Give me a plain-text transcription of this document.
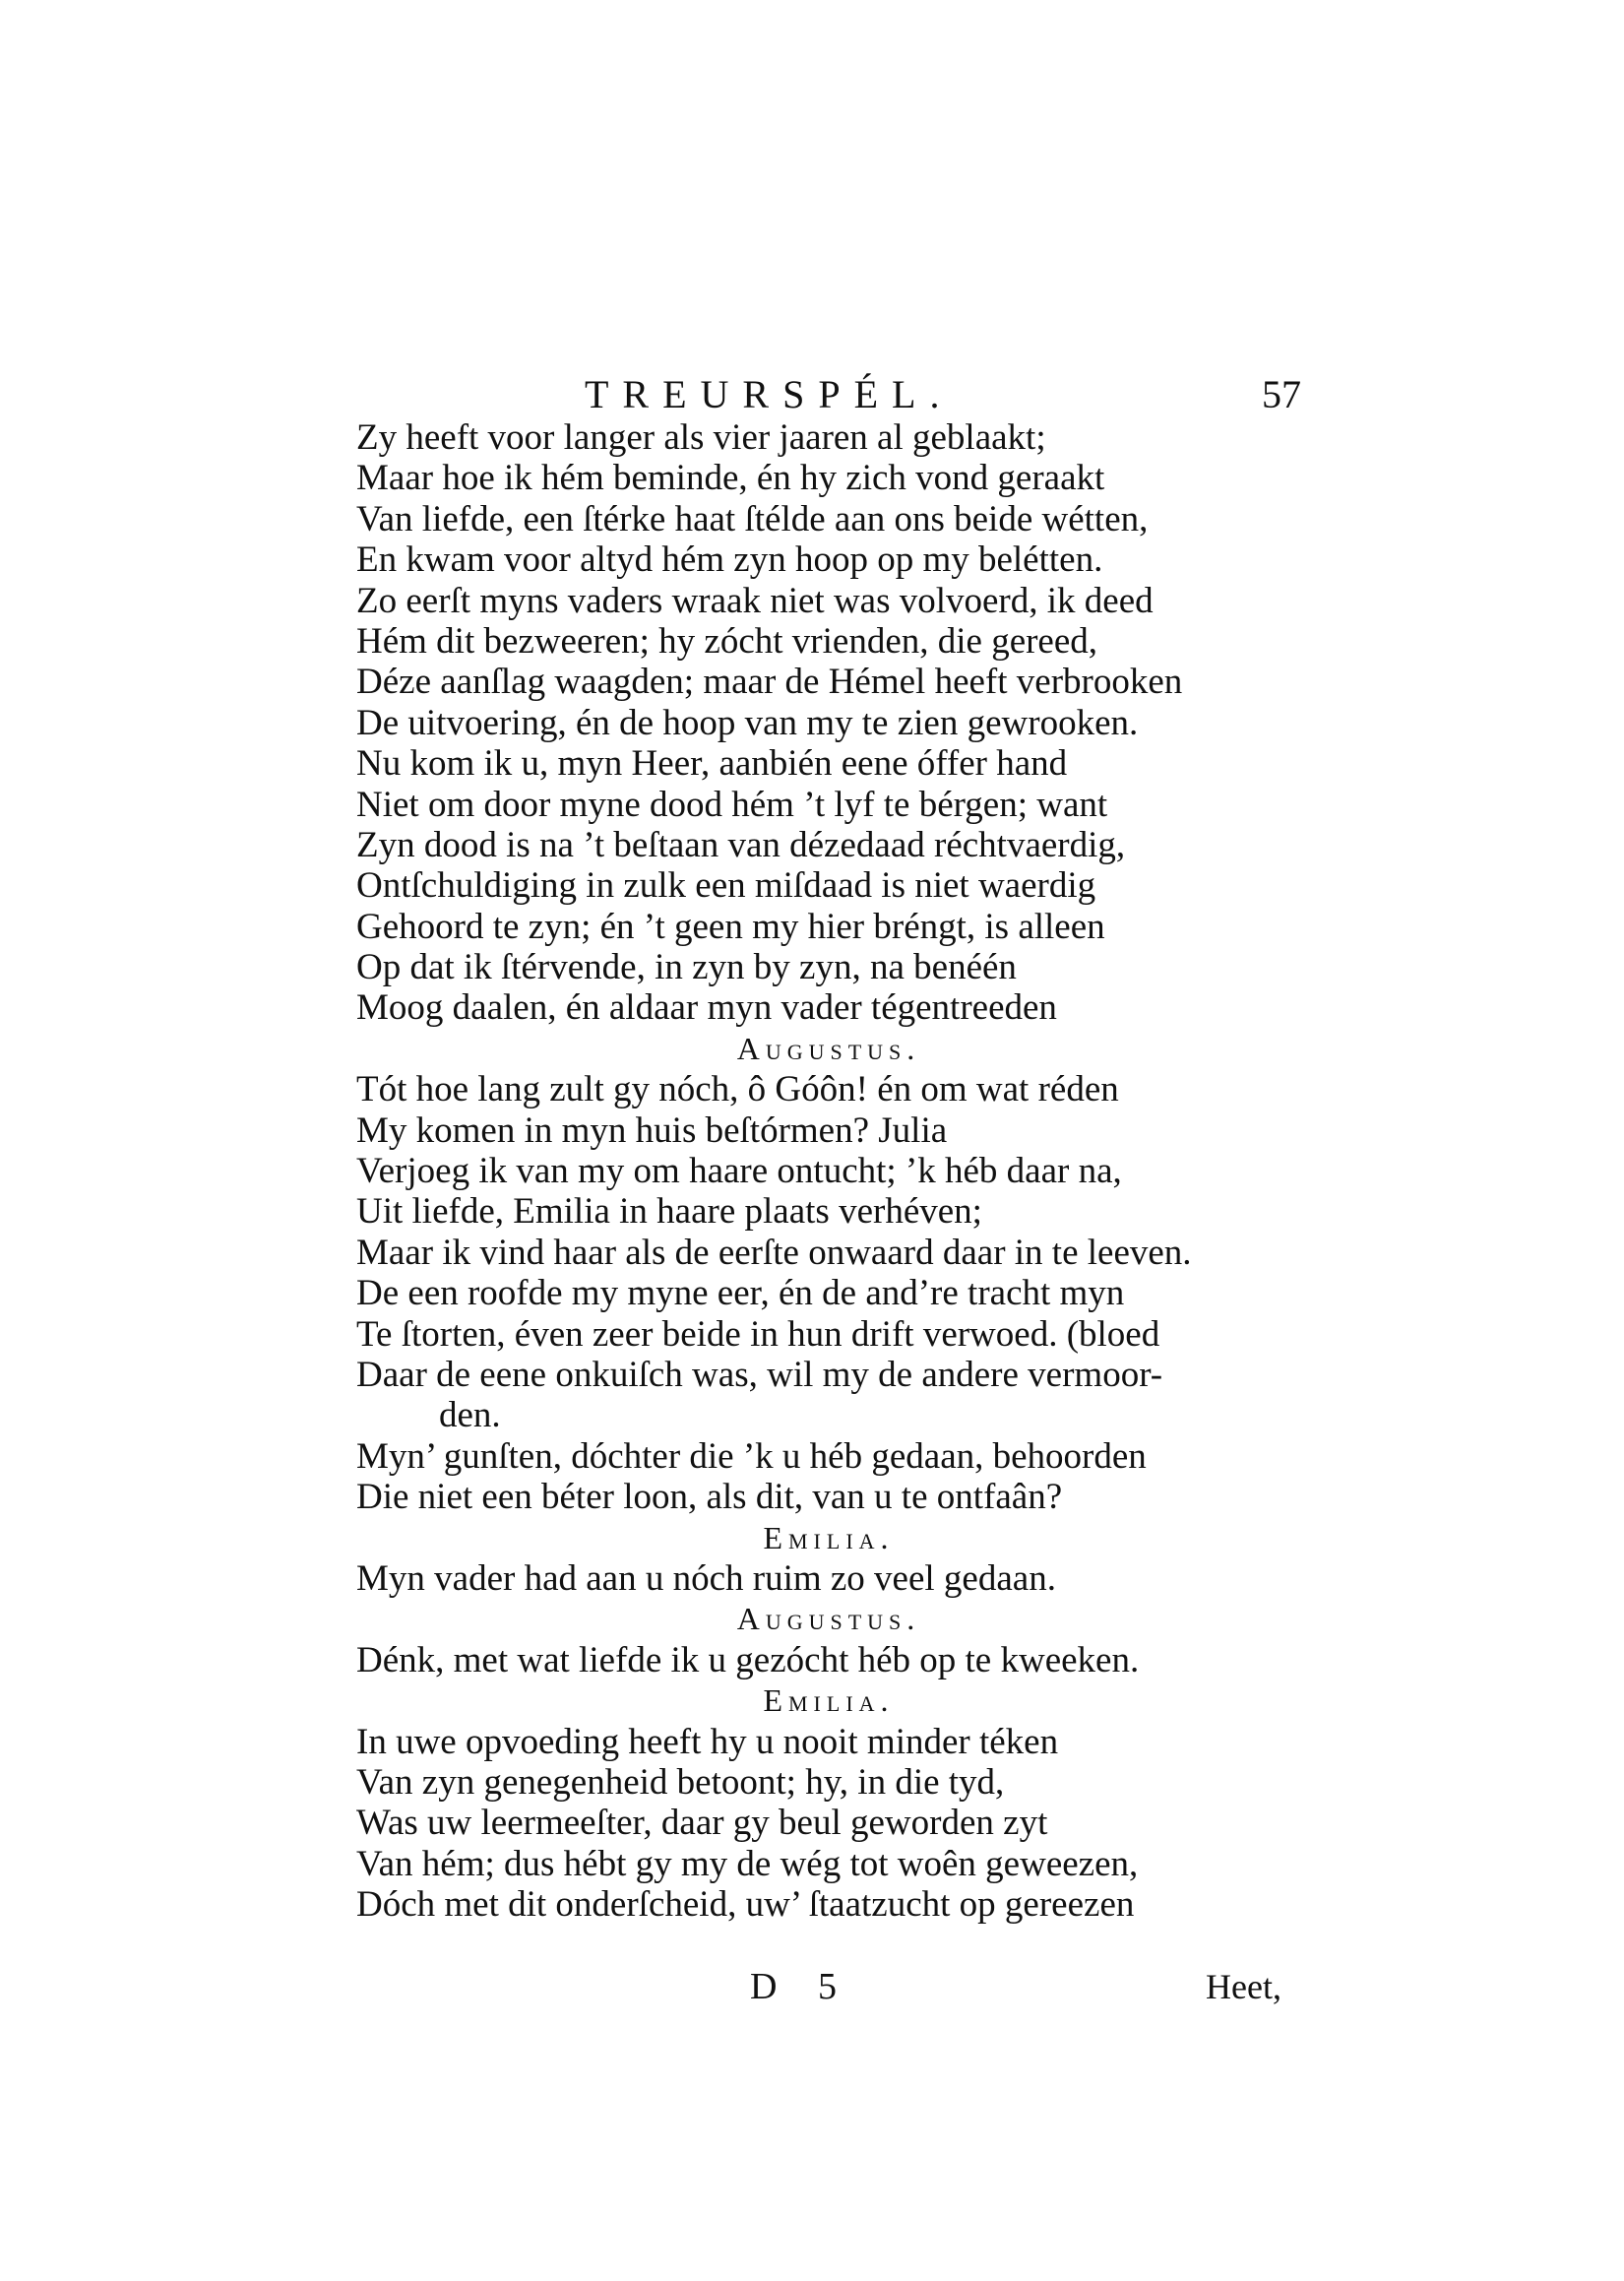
TREURSPÉL.	57
Zy heeft voor langer als vier jaaren al geblaakt;
Maar hoe ik hém beminde, én hy zich vond geraakt
Van liefde, een ſtérke haat ſtélde aan ons beide wétten,
En kwam voor altyd hém zyn hoop op my belétten.
Zo eerſt myns vaders wraak niet was volvoerd, ik deed
Hém dit bezweeren; hy zócht vrienden, die gereed,
Déze aanſlag waagden; maar de Hémel heeft verbrooken
De uitvoering, én de hoop van my te zien gewrooken.
Nu kom ik u, myn Heer, aanbién eene óffer hand
Niet om door myne dood hém ’t lyf te bérgen; want
Zyn dood is na ’t beſtaan van dézedaad réchtvaerdig,
Ontſchuldiging in zulk een miſdaad is niet waerdig
Gehoord te zyn; én ’t geen my hier bréngt, is alleen
Op dat ik ſtérvende, in zyn by zyn, na benéén
Moog daalen, én aldaar myn vader tégentreeden
Augustus.
Tót hoe lang zult gy nóch, ô Góôn! én om wat réden
My komen in myn huis beſtórmen? Julia
Verjoeg ik van my om haare ontucht; ’k héb daar na,
Uit liefde, Emilia in haare plaats verhéven;
Maar ik vind haar als de eerſte onwaard daar in te leeven.
De een roofde my myne eer, én de and’re tracht myn
Te ſtorten, éven zeer beide in hun drift verwoed. (bloed
Daar de eene onkuiſch was, wil my de andere vermoor-
den.
Myn’ gunſten, dóchter die ’k u héb gedaan, behoorden
Die niet een béter loon, als dit, van u te ontfaân?
Emilia.
Myn vader had aan u nóch ruim zo veel gedaan.
Augustus.
Dénk, met wat liefde ik u gezócht héb op te kweeken.
Emilia.
In uwe opvoeding heeft hy u nooit minder téken
Van zyn genegenheid betoont; hy, in die tyd,
Was uw leermeeſter, daar gy beul geworden zyt
Van hém; dus hébt gy my de wég tot woên geweezen,
Dóch met dit onderſcheid, uw’ ſtaatzucht op gereezen
D 5	Heet,
